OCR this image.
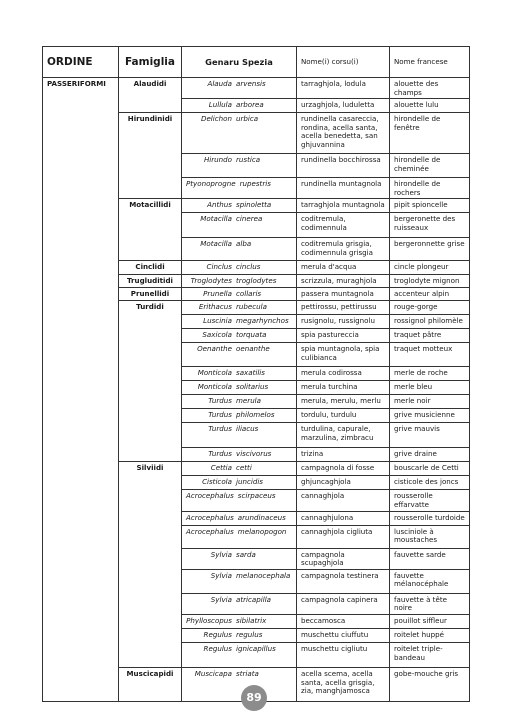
ORDINE	Famiglia	Genaru Spezia	Nome(i) corsu(i)	Nome francese
PASSERIFORMI	Alaudidi	Alauda arvensis	tarraghjola, lodula	alouette des champs
		Lullula arborea	urzaghjola, luduletta	alouette lulu
	Hirundinidi	Delichon urbica	rundinella casareccia, rondina, acella santa, acella benedetta, san ghjuvannina	hirondelle de fenêtre
		Hirundo rustica	rundinella bocchirossa	hirondelle de cheminée
		Ptyonoprogne rupestris	rundinella muntagnola	hirondelle de rochers
	Motacillidi	Anthus spinoletta	tarraghjola muntagnola	pipit spioncelle
		Motacilla cinerea	coditremula, codimennula	bergeronette des ruisseaux
		Motacilla alba	coditremula grisgia, codimennula grisgia	bergeronnette grise
	Cinclidi	Cinclus cinclus	merula d'acqua	cincle plongeur
	Trugluditidi	Troglodytes troglodytes	scrizzula, muraghjola	troglodyte mignon
	Prunellidi	Prunella collaris	passera muntagnola	accenteur alpin
	Turdidi	Erithacus rubecula	pettirossu, pettirussu	rouge-gorge
		Luscinia megarhynchos	rusignolu, russignolu	rossignol philomèle
		Saxicola torquata	spia pastureccia	traquet pâtre
		Oenanthe oenanthe	spia muntagnola, spia culibianca	traquet motteux
		Monticola saxatilis	merula codirossa	merle de roche
		Monticola solitarius	merula turchina	merle bleu
		Turdus merula	merula, merulu, merlu	merle noir
		Turdus philomelos	tordulu, turdulu	grive musicienne
		Turdus iliacus	turdulina, capurale, marzulina, zimbracu	grive mauvis
		Turdus viscivorus	trizina	grive draine
	Silviidi	Cettia cetti	campagnola di fosse	bouscarle de Cetti
		Cisticola juncidis	ghjuncaghjola	cisticole des joncs
		Acrocephalus scirpaceus	cannaghjola	rousserolle effarvatte
		Acrocephalus arundinaceus	cannaghjulona	rousserolle turdoide
		Acrocephalus melanopogon	cannaghjola cigliuta	lusciniole à moustaches
		Sylvia sarda	campagnola scupaghjola	fauvette sarde
		Sylvia melanocephala	campagnola testinera	fauvette mélanocéphale
		Sylvia atricapilla	campagnola capinera	fauvette à tête noire
		Phylloscopus sibilatrix	beccamosca	pouillot siffleur
		Regulus regulus	muschettu ciuffutu	roitelet huppé
		Regulus ignicapillus	muschettu cigliutu	roitelet triple-bandeau
	Muscicapidi	Muscicapa striata	acella scema, acella santa, acella grisgia, zia, manghjamosca	gobe-mouche gris
89
